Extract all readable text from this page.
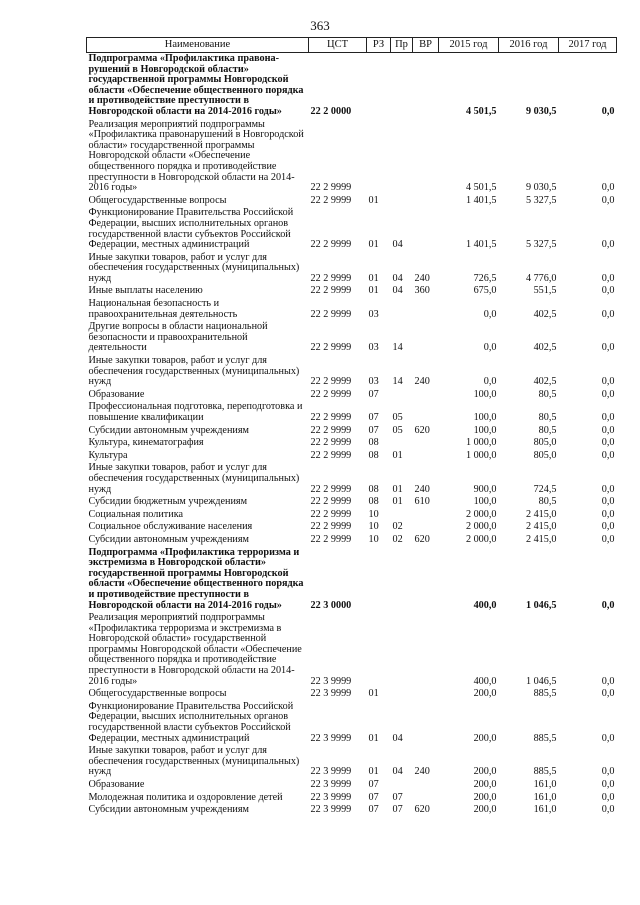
363
Наименование	ЦСТ	РЗ	Пр	ВР	2015 год	2016 год	2017 год
Подпрограмма «Профилактика правона-рушений в Новгородской области» государственной программы Новгородской области «Обеспечение общественного порядка и противодействие преступности в Новгородской области на 2014-2016 годы»	22 2 0000				4 501,5	9 030,5	0,0
Реализация мероприятий подпрограммы «Профилактика правонарушений в Новгородской области» государственной программы Новгородской области «Обеспечение общественного порядка и противодействие преступности в Новгородской области на 2014-2016 годы»	22 2 9999				4 501,5	9 030,5	0,0
Общегосударственные вопросы	22 2 9999	01			1 401,5	5 327,5	0,0
Функционирование Правительства Российской Федерации, высших исполнительных органов государственной власти субъектов Российской Федерации, местных администраций	22 2 9999	01	04		1 401,5	5 327,5	0,0
Иные закупки товаров, работ и услуг для обеспечения государственных (муниципальных) нужд	22 2 9999	01	04	240	726,5	4 776,0	0,0
Иные выплаты населению	22 2 9999	01	04	360	675,0	551,5	0,0
Национальная безопасность и правоохранительная деятельность	22 2 9999	03			0,0	402,5	0,0
Другие вопросы в области национальной безопасности и правоохранительной деятельности	22 2 9999	03	14		0,0	402,5	0,0
Иные закупки товаров, работ и услуг для обеспечения государственных (муниципальных) нужд	22 2 9999	03	14	240	0,0	402,5	0,0
Образование	22 2 9999	07			100,0	80,5	0,0
Профессиональная подготовка, переподготовка и повышение квалификации	22 2 9999	07	05		100,0	80,5	0,0
Субсидии автономным учреждениям	22 2 9999	07	05	620	100,0	80,5	0,0
Культура, кинематография	22 2 9999	08			1 000,0	805,0	0,0
Культура	22 2 9999	08	01		1 000,0	805,0	0,0
Иные закупки товаров, работ и услуг для обеспечения государственных (муниципальных) нужд	22 2 9999	08	01	240	900,0	724,5	0,0
Субсидии бюджетным учреждениям	22 2 9999	08	01	610	100,0	80,5	0,0
Социальная политика	22 2 9999	10			2 000,0	2 415,0	0,0
Социальное обслуживание населения	22 2 9999	10	02		2 000,0	2 415,0	0,0
Субсидии автономным учреждениям	22 2 9999	10	02	620	2 000,0	2 415,0	0,0
Подпрограмма «Профилактика терроризма и экстремизма в Новгородской области» государственной программы Новгородской области «Обеспечение общественного порядка и противодействие преступности в Новгородской области на 2014-2016 годы»	22 3 0000				400,0	1 046,5	0,0
Реализация мероприятий подпрограммы «Профилактика терроризма и экстремизма в Новгородской области» государственной программы Новгородской области «Обеспечение общественного порядка и противодействие преступности в Новгородской области на 2014-2016 годы»	22 3 9999				400,0	1 046,5	0,0
Общегосударственные вопросы	22 3 9999	01			200,0	885,5	0,0
Функционирование Правительства Российской Федерации, высших исполнительных органов государственной власти субъектов Российской Федерации, местных администраций	22 3 9999	01	04		200,0	885,5	0,0
Иные закупки товаров, работ и услуг для обеспечения государственных (муниципальных) нужд	22 3 9999	01	04	240	200,0	885,5	0,0
Образование	22 3 9999	07			200,0	161,0	0,0
Молодежная политика и оздоровление детей	22 3 9999	07	07		200,0	161,0	0,0
Субсидии автономным учреждениям	22 3 9999	07	07	620	200,0	161,0	0,0
